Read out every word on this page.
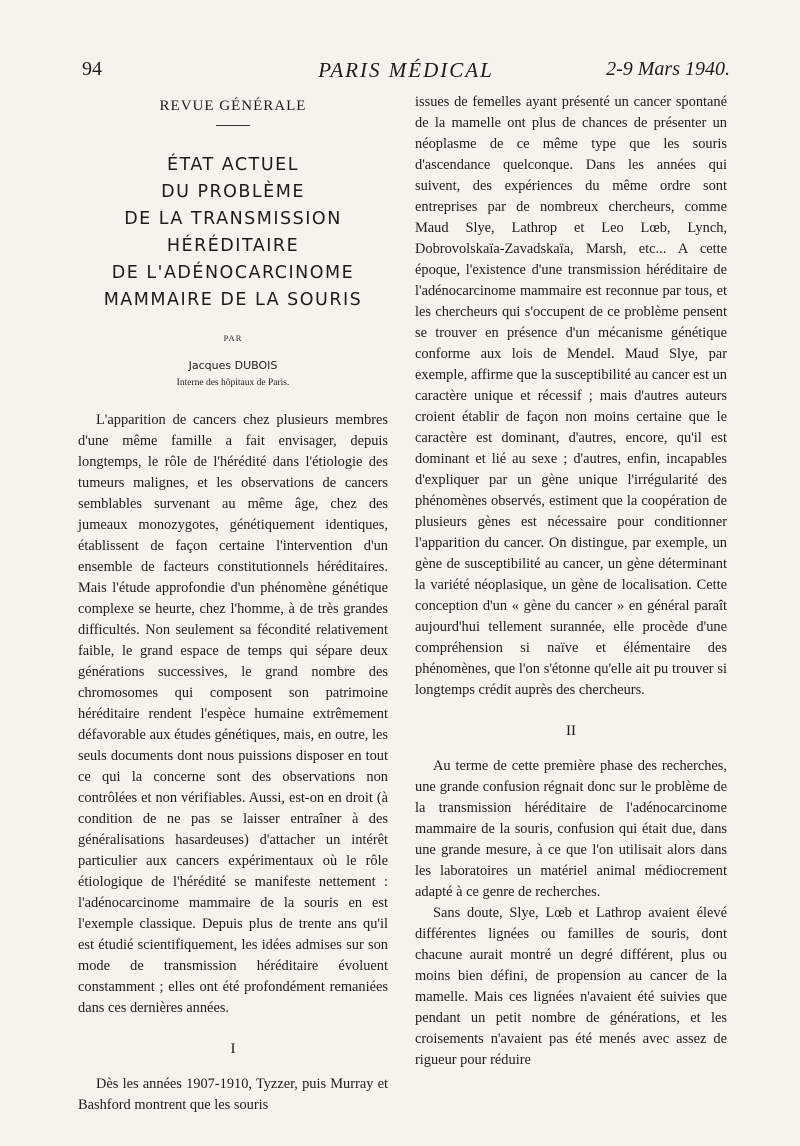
94	PARIS MÉDICAL	2-9 Mars 1940.
REVUE GÉNÉRALE
ÉTAT ACTUEL
DU PROBLÈME
DE LA TRANSMISSION
HÉRÉDITAIRE
DE L'ADÉNOCARCINOME
MAMMAIRE DE LA SOURIS
PAR
Jacques DUBOIS
Interne des hôpitaux de Paris.

L'apparition de cancers chez plusieurs membres d'une même famille a fait envisager, depuis longtemps, le rôle de l'hérédité dans l'étiologie des tumeurs malignes, et les observations de cancers semblables survenant au même âge, chez des jumeaux monozygotes, génétiquement identiques, établissent de façon certaine l'intervention d'un ensemble de facteurs constitutionnels héréditaires. Mais l'étude approfondie d'un phénomène génétique complexe se heurte, chez l'homme, à de très grandes difficultés. Non seulement sa fécondité relativement faible, le grand espace de temps qui sépare deux générations successives, le grand nombre des chromosomes qui composent son patrimoine héréditaire rendent l'espèce humaine extrêmement défavorable aux études génétiques, mais, en outre, les seuls documents dont nous puissions disposer en tout ce qui la concerne sont des observations non contrôlées et non vérifiables. Aussi, est-on en droit (à condition de ne pas se laisser entraîner à des généralisations hasardeuses) d'attacher un intérêt particulier aux cancers expérimentaux où le rôle étiologique de l'hérédité se manifeste nettement : l'adénocarcinome mammaire de la souris en est l'exemple classique. Depuis plus de trente ans qu'il est étudié scientifiquement, les idées admises sur son mode de transmission héréditaire évoluent constamment ; elles ont été profondément remaniées dans ces dernières années.

I

Dès les années 1907-1910, Tyzzer, puis Murray et Bashford montrent que les souris

issues de femelles ayant présenté un cancer spontané de la mamelle ont plus de chances de présenter un néoplasme de ce même type que les souris d'ascendance quelconque. Dans les années qui suivent, des expériences du même ordre sont entreprises par de nombreux chercheurs, comme Maud Slye, Lathrop et Leo Lœb, Lynch, Dobrovolskaïa-Zavadskaïa, Marsh, etc... A cette époque, l'existence d'une transmission héréditaire de l'adénocarcinome mammaire est reconnue par tous, et les chercheurs qui s'occupent de ce problème pensent se trouver en présence d'un mécanisme génétique conforme aux lois de Mendel. Maud Slye, par exemple, affirme que la susceptibilité au cancer est un caractère unique et récessif ; mais d'autres auteurs croient établir de façon non moins certaine que le caractère est dominant, d'autres, encore, qu'il est dominant et lié au sexe ; d'autres, enfin, incapables d'expliquer par un gène unique l'irrégularité des phénomènes observés, estiment que la coopération de plusieurs gènes est nécessaire pour conditionner l'apparition du cancer. On distingue, par exemple, un gène de susceptibilité au cancer, un gène déterminant la variété néoplasique, un gène de localisation. Cette conception d'un « gène du cancer » en général paraît aujourd'hui tellement surannée, elle procède d'une compréhension si naïve et élémentaire des phénomènes, que l'on s'étonne qu'elle ait pu trouver si longtemps crédit auprès des chercheurs.

II

Au terme de cette première phase des recherches, une grande confusion régnait donc sur le problème de la transmission héréditaire de l'adénocarcinome mammaire de la souris, confusion qui était due, dans une grande mesure, à ce que l'on utilisait alors dans les laboratoires un matériel animal médiocrement adapté à ce genre de recherches.

Sans doute, Slye, Lœb et Lathrop avaient élevé différentes lignées ou familles de souris, dont chacune aurait montré un degré différent, plus ou moins bien défini, de propension au cancer de la mamelle. Mais ces lignées n'avaient été suivies que pendant un petit nombre de générations, et les croisements n'avaient pas été menés avec assez de rigueur pour réduire
